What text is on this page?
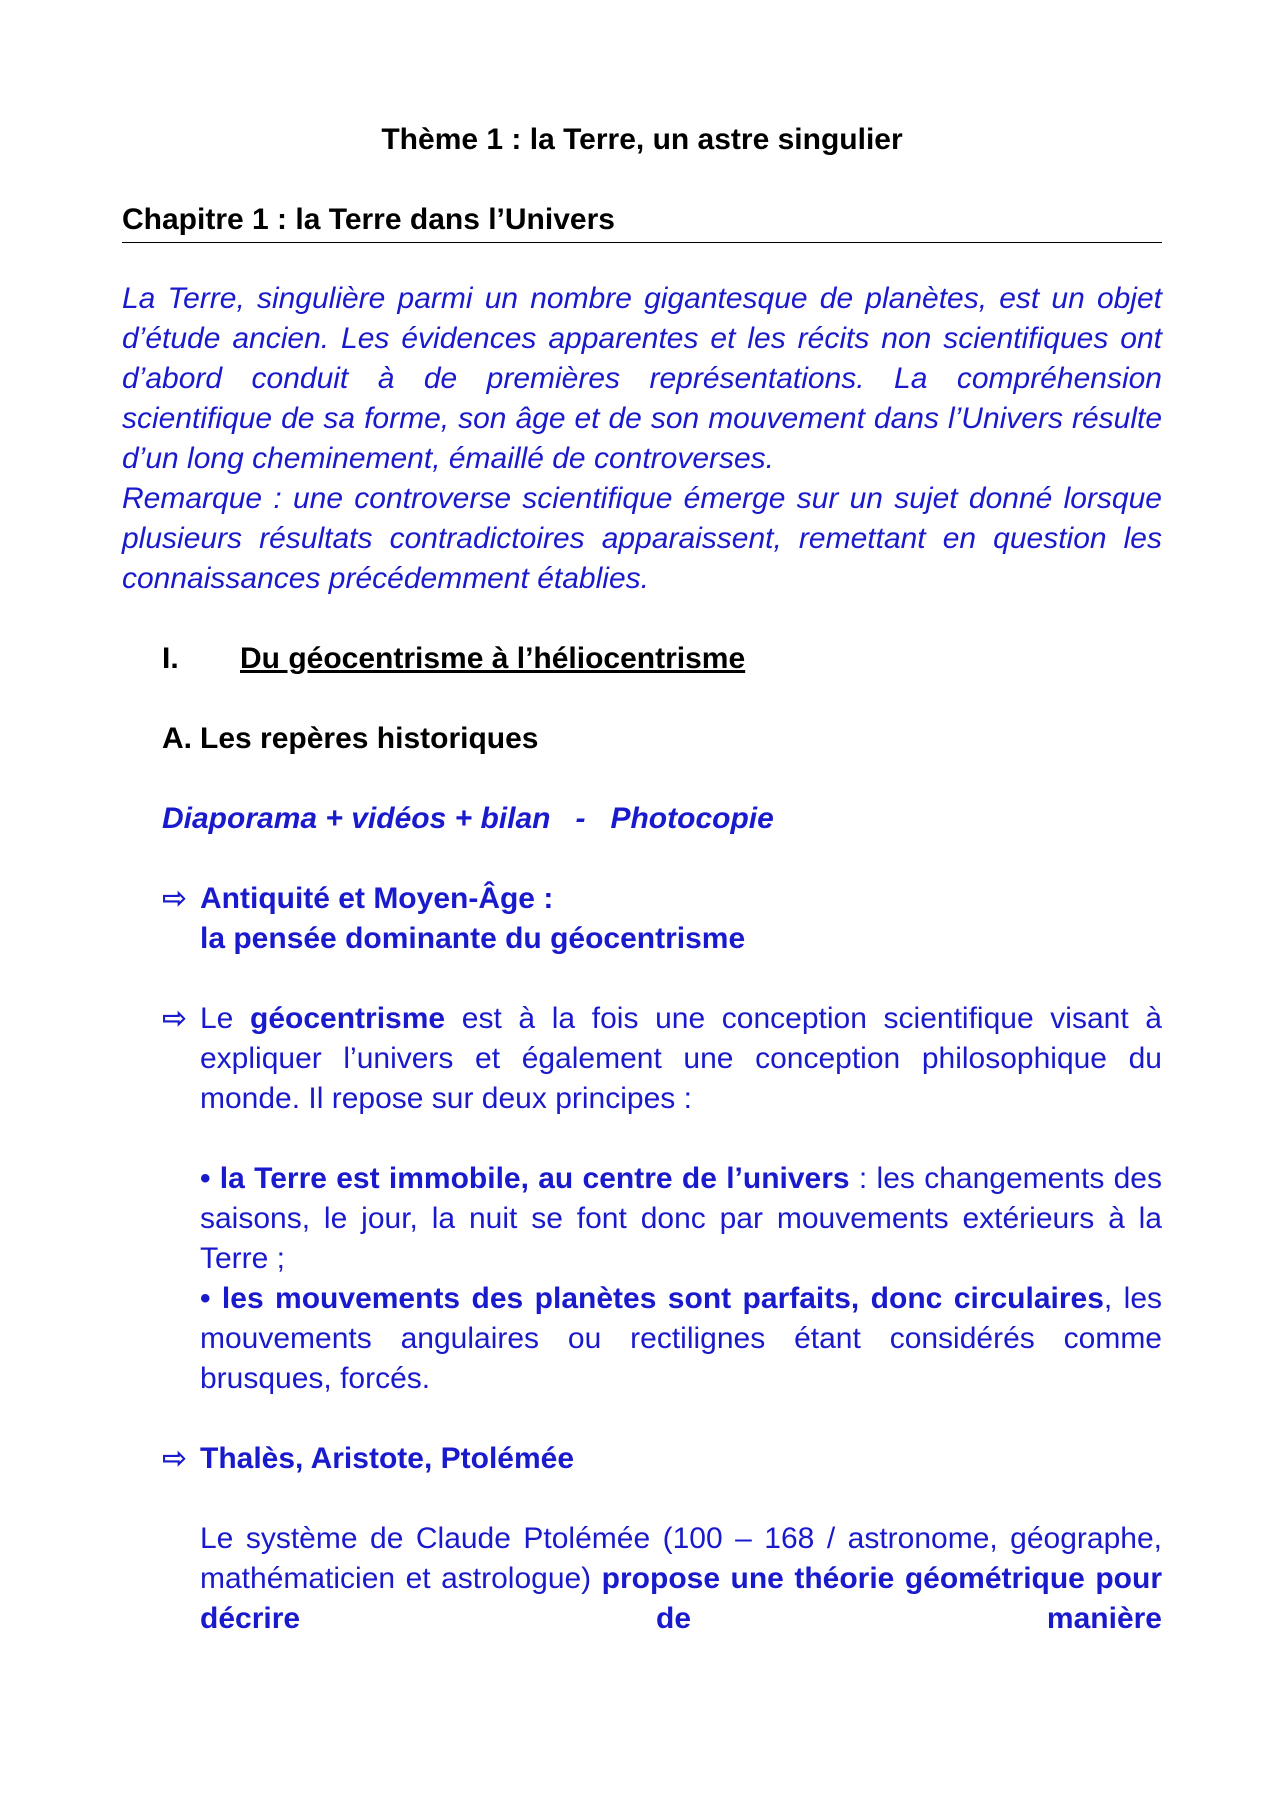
Thème 1 : la Terre, un astre singulier
Chapitre 1 : la Terre dans l’Univers

La Terre, singulière parmi un nombre gigantesque de planètes, est un objet d’étude ancien. Les évidences apparentes et les récits non scientifiques ont d’abord conduit à de premières représentations. La compréhension scientifique de sa forme, son âge et de son mouvement dans l’Univers résulte d’un long cheminement, émaillé de controverses.

Remarque : une controverse scientifique émerge sur un sujet donné lorsque plusieurs résultats contradictoires apparaissent, remettant en question les connaissances précédemment établies.

I.	Du géocentrisme à l’héliocentrisme
A. Les repères historiques
Diaporama + vidéos + bilan   -   Photocopie
⇨ Antiquité et Moyen-Âge :
la pensée dominante du géocentrisme
⇨ Le géocentrisme est à la fois une conception scientifique visant à expliquer l’univers et également une conception philosophique du monde. Il repose sur deux principes :

• la Terre est immobile, au centre de l’univers : les changements des saisons, le jour, la nuit se font donc par mouvements extérieurs à la Terre ;

• les mouvements des planètes sont parfaits, donc circulaires, les mouvements angulaires ou rectilignes étant considérés comme brusques, forcés.

⇨ Thalès, Aristote, Ptolémée
Le système de Claude Ptolémée (100 – 168 / astronome, géographe, mathématicien et astrologue) propose une théorie géométrique pour décrire de manière
